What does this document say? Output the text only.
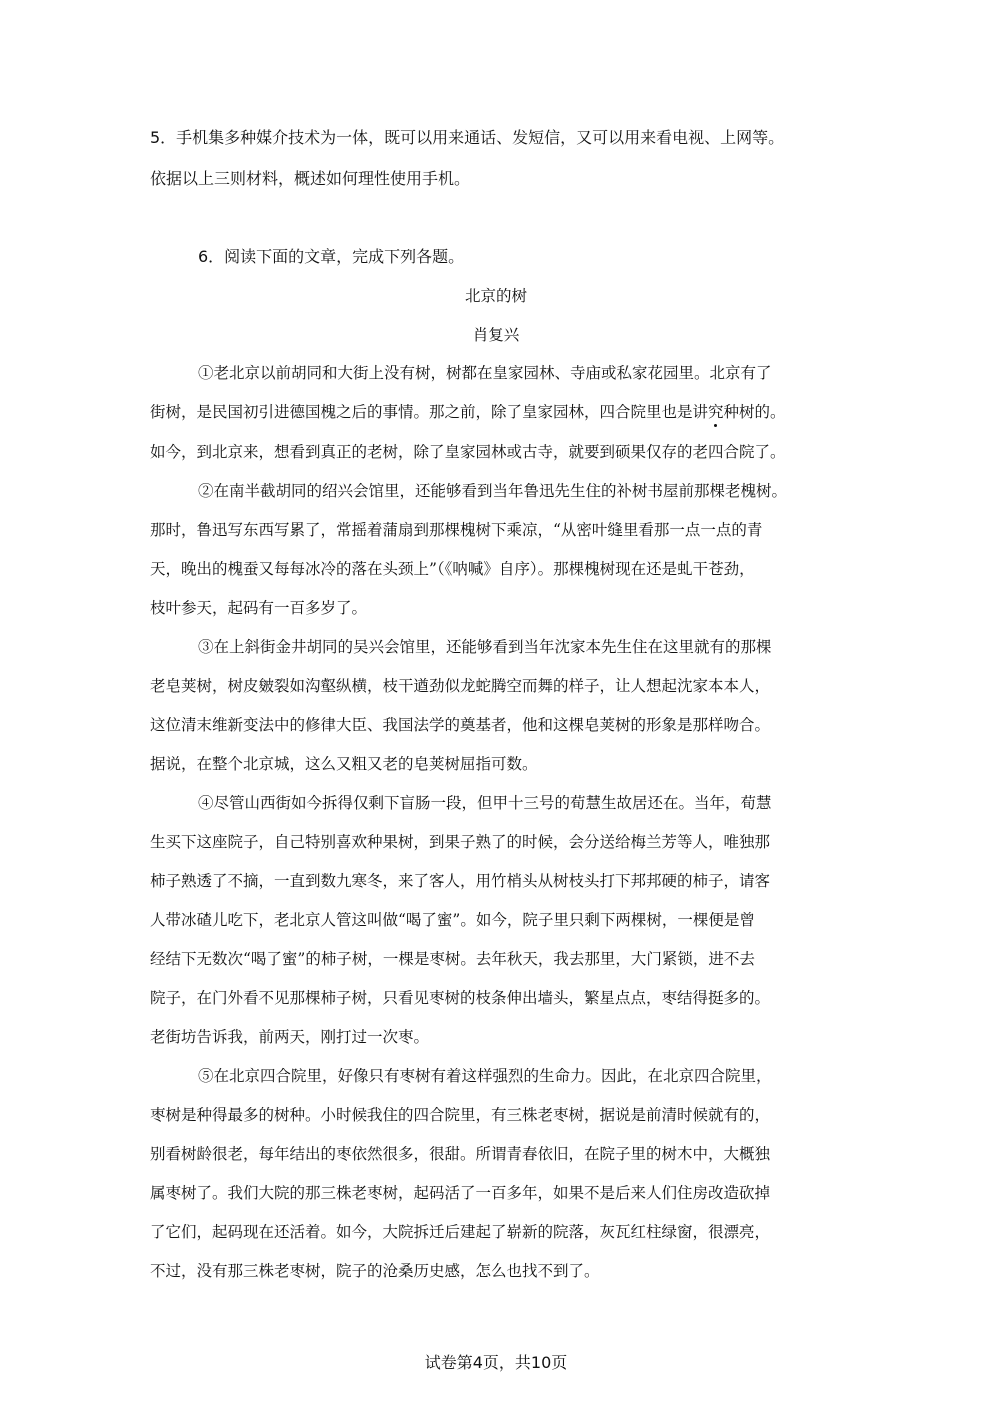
5．手机集多种媒介技术为一体，既可以用来通话、发短信，又可以用来看电视、上网等。
依据以上三则材料，概述如何理性使用手机。
6．阅读下面的文章，完成下列各题。
北京的树
肖复兴
①老北京以前胡同和大街上没有树，树都在皇家园林、寺庙或私家花园里。北京有了
街树，是民国初引进德国槐之后的事情。那之前，除了皇家园林，四合院里也是讲究种树的。
如今，到北京来，想看到真正的老树，除了皇家园林或古寺，就要到硕果仅存的老四合院了。
②在南半截胡同的绍兴会馆里，还能够看到当年鲁迅先生住的补树书屋前那棵老槐树。
那时，鲁迅写东西写累了，常摇着蒲扇到那棵槐树下乘凉，“从密叶缝里看那一点一点的青
天，晚出的槐蚕又每每冰冷的落在头颈上”（《呐喊》自序）。那棵槐树现在还是虬干苍劲，
枝叶参天，起码有一百多岁了。
③在上斜街金井胡同的吴兴会馆里，还能够看到当年沈家本先生住在这里就有的那棵
老皂荚树，树皮皴裂如沟壑纵横，枝干遒劲似龙蛇腾空而舞的样子，让人想起沈家本本人，
这位清末维新变法中的修律大臣、我国法学的奠基者，他和这棵皂荚树的形象是那样吻合。
据说，在整个北京城，这么又粗又老的皂荚树屈指可数。
④尽管山西街如今拆得仅剩下盲肠一段，但甲十三号的荀慧生故居还在。当年，荀慧
生买下这座院子，自己特别喜欢种果树，到果子熟了的时候，会分送给梅兰芳等人，唯独那
柿子熟透了不摘，一直到数九寒冬，来了客人，用竹梢头从树枝头打下邦邦硬的柿子，请客
人带冰碴儿吃下，老北京人管这叫做“喝了蜜”。如今，院子里只剩下两棵树，一棵便是曾
经结下无数次“喝了蜜”的柿子树，一棵是枣树。去年秋天，我去那里，大门紧锁，进不去
院子，在门外看不见那棵柿子树，只看见枣树的枝条伸出墙头，繁星点点，枣结得挺多的。
老街坊告诉我，前两天，刚打过一次枣。
⑤在北京四合院里，好像只有枣树有着这样强烈的生命力。因此，在北京四合院里，
枣树是种得最多的树种。小时候我住的四合院里，有三株老枣树，据说是前清时候就有的，
别看树龄很老，每年结出的枣依然很多，很甜。所谓青春依旧，在院子里的树木中，大概独
属枣树了。我们大院的那三株老枣树，起码活了一百多年，如果不是后来人们住房改造砍掉
了它们，起码现在还活着。如今，大院拆迁后建起了崭新的院落，灰瓦红柱绿窗，很漂亮，
不过，没有那三株老枣树，院子的沧桑历史感，怎么也找不到了。
试卷第4页，共10页
